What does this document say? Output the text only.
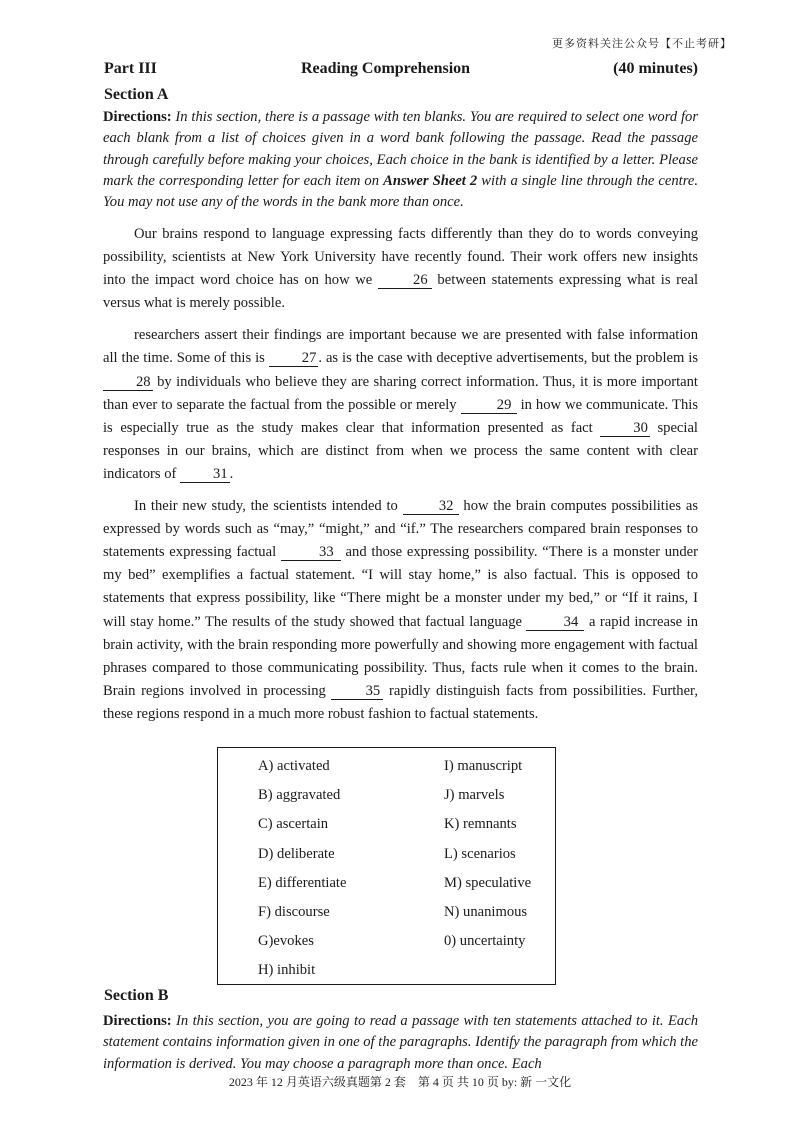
更多资料关注公众号【不止考研】
Part III	Reading Comprehension	(40 minutes)
Section A
Directions: In this section, there is a passage with ten blanks. You are required to select one word for each blank from a list of choices given in a word bank following the passage. Read the passage through carefully before making your choices, Each choice in the bank is identified by a letter. Please mark the corresponding letter for each item on Answer Sheet 2 with a single line through the centre. You may not use any of the words in the bank more than once.

Our brains respond to language expressing facts differently than they do to words conveying possibility, scientists at New York University have recently found. Their work offers new insights into the impact word choice has on how we 26 between statements expressing what is real versus what is merely possible.

researchers assert their findings are important because we are presented with false information all the time. Some of this is 27 . as is the case with deceptive advertisements, but the problem is 28 by individuals who believe they are sharing correct information. Thus, it is more important than ever to separate the factual from the possible or merely 29 in how we communicate. This is especially true as the study makes clear that information presented as fact 30 special responses in our brains, which are distinct from when we process the same content with clear indicators of 31 .

In their new study, the scientists intended to 32 how the brain computes possibilities as expressed by words such as “may,” “might,” and “if.” The researchers compared brain responses to statements expressing factual	33 and those expressing possibility. “There is a monster under my bed” exemplifies a factual statement. “I will stay home,” is also factual. This is opposed to statements that express possibility, like “There might be a monster under my bed,” or “If it rains, I will stay home.” The results of the study showed that factual language	34 a rapid increase in brain activity, with the brain responding more powerfully and showing more engagement with factual phrases compared to those communicating possibility. Thus, facts rule when it comes to the brain. Brain regions involved in processing 35 rapidly distinguish facts from possibilities. Further, these regions respond in a much more robust fashion to factual statements.

A) activated
B) aggravated
C) ascertain
D) deliberate
E) differentiate
F) discourse
G)evokes
H) inhibit
I) manuscript
J) marvels
K) remnants
L) scenarios
M) speculative
N) unanimous
0) uncertainty
Section B
Directions: In this section, you are going to read a passage with ten statements attached to it. Each statement contains information given in one of the paragraphs. Identify the paragraph from which the information is derived. You may choose a paragraph more than once. Each
2023 年 12 月英语六级真题第 2 套　第 4 页 共 10 页 by: 新 一文化
